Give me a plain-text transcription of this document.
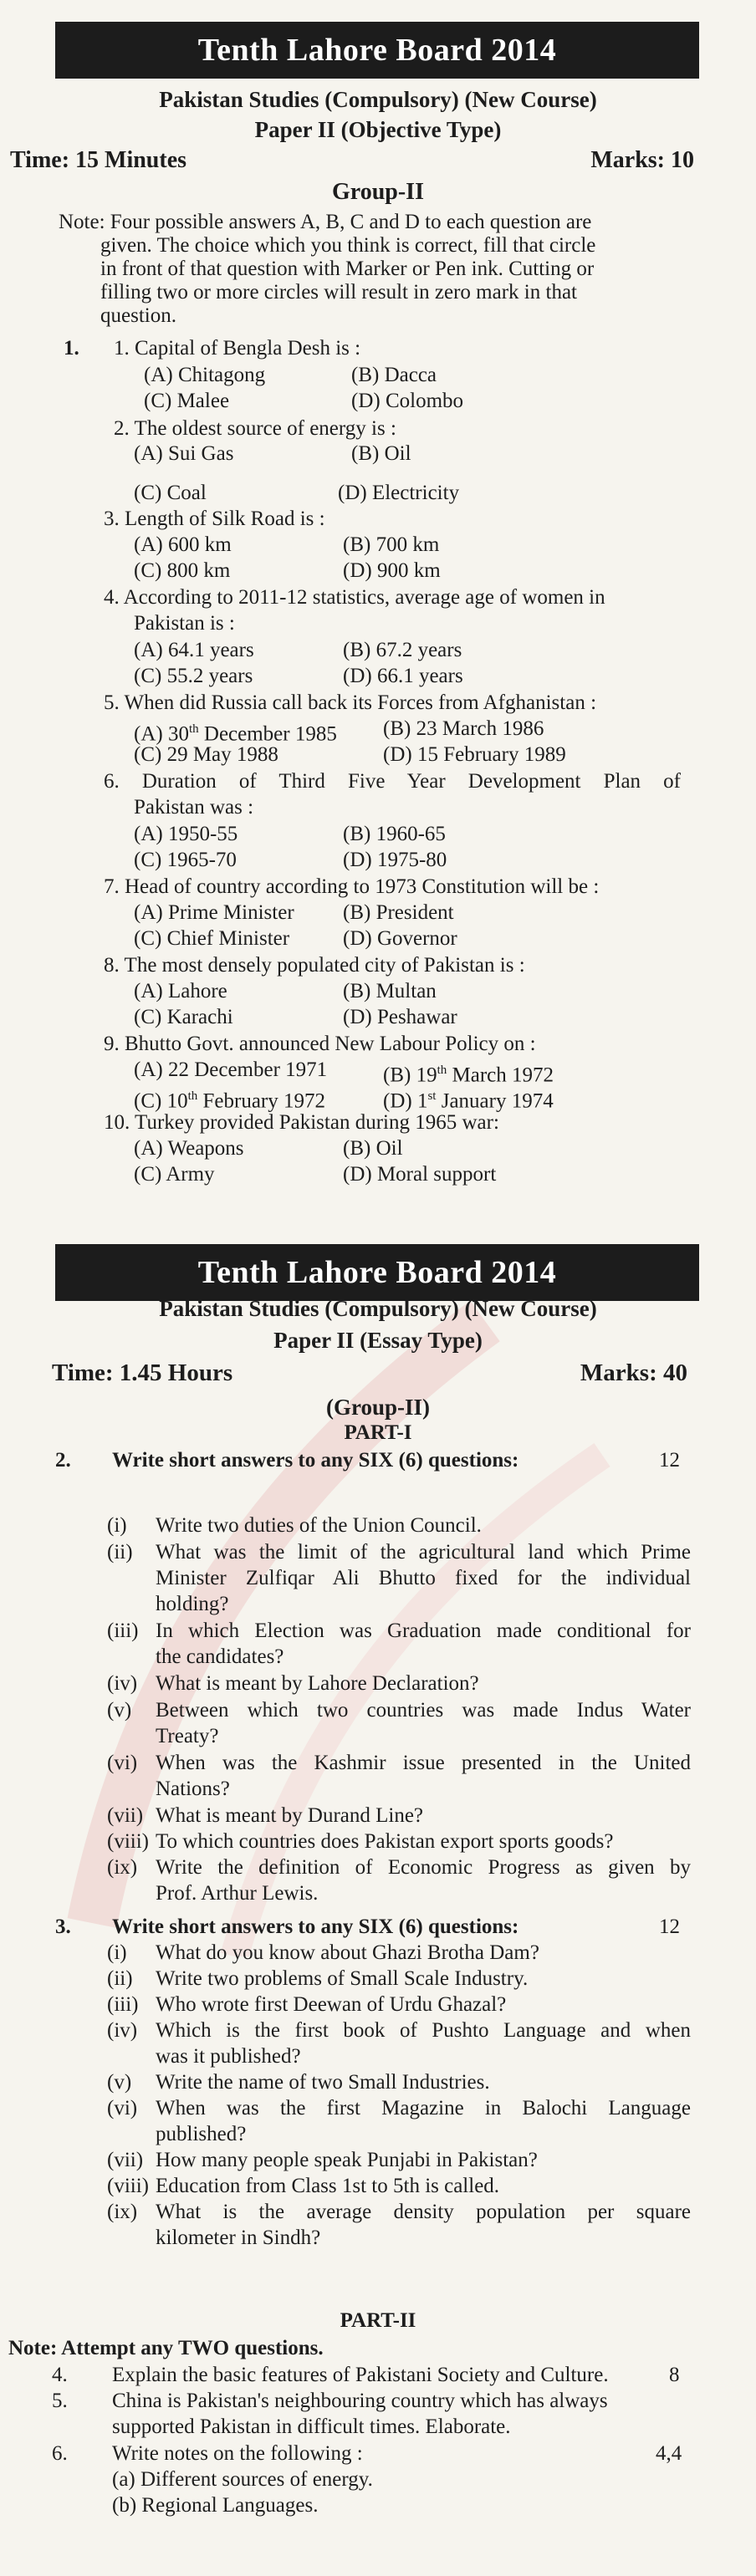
Tenth Lahore Board 2014
Pakistan Studies (Compulsory) (New Course)
Paper II (Objective Type)
Time: 15 Minutes	Marks: 10
Group-II
Note: Four possible answers A, B, C and D to each question are
given. The choice which you think is correct, fill that circle
in front of that question with Marker or Pen ink. Cutting or
filling two or more circles will result in zero mark in that
question.
1. 1. Capital of Bengla Desh is :
(A) Chitagong	(B) Dacca
(C) Malee	(D) Colombo
2. The oldest source of energy is :
(A) Sui Gas	(B) Oil
(C) Coal	(D) Electricity
3. Length of Silk Road is :
(A) 600 km	(B) 700 km
(C) 800 km	(D) 900 km
4. According to 2011-12 statistics, average age of women in
Pakistan is :
(A) 64.1 years	(B) 67.2 years
(C) 55.2 years	(D) 66.1 years
5. When did Russia call back its Forces from Afghanistan :
(A) 30th December 1985 (B) 23 March 1986
(C) 29 May 1988	(D) 15 February 1989
6. Duration of Third Five Year Development Plan of
Pakistan was :
(A) 1950-55	(B) 1960-65
(C) 1965-70	(D) 1975-80
7. Head of country according to 1973 Constitution will be :
(A) Prime Minister (B) President
(C) Chief Minister	(D) Governor
8. The most densely populated city of Pakistan is :
(A) Lahore	(B) Multan
(C) Karachi	(D) Peshawar
9. Bhutto Govt. announced New Labour Policy on :
(A) 22 December 1971	(B) 19th March 1972
(C) 10th February 1972	(D) 1st January 1974
10. Turkey provided Pakistan during 1965 war:
(A) Weapons	(B) Oil
(C) Army	(D) Moral support
Tenth Lahore Board 2014
Pakistan Studies (Compulsory) (New Course)
Paper II (Essay Type)
Time: 1.45 Hours	Marks: 40
(Group-II)
PART-I
2. Write short answers to any SIX (6) questions:	12
(i) Write two duties of the Union Council.
(ii) What was the limit of the agricultural land which Prime
Minister Zulfiqar Ali Bhutto fixed for the individual
holding?
(iii) In which Election was Graduation made conditional for
the candidates?
(iv) What is meant by Lahore Declaration?
(v) Between which two countries was made Indus Water
Treaty?
(vi) When was the Kashmir issue presented in the United
Nations?
(vii) What is meant by Durand Line?
(viii) To which countries does Pakistan export sports goods?
(ix) Write the definition of Economic Progress as given by
Prof. Arthur Lewis.
3. Write short answers to any SIX (6) questions:	12
(i) What do you know about Ghazi Brotha Dam?
(ii) Write two problems of Small Scale Industry.
(iii) Who wrote first Deewan of Urdu Ghazal?
(iv) Which is the first book of Pushto Language and when
was it published?
(v) Write the name of two Small Industries.
(vi) When was the first Magazine in Balochi Language
published?
(vii) How many people speak Punjabi in Pakistan?
(viii) Education from Class 1st to 5th is called.
(ix) What is the average density population per square
kilometer in Sindh?
PART-II
Note: Attempt any TWO questions.
4. Explain the basic features of Pakistani Society and Culture.	8
5. China is Pakistan's neighbouring country which has always
supported Pakistan in difficult times. Elaborate.
6. Write notes on the following :	4,4
(a) Different sources of energy.
(b) Regional Languages.
